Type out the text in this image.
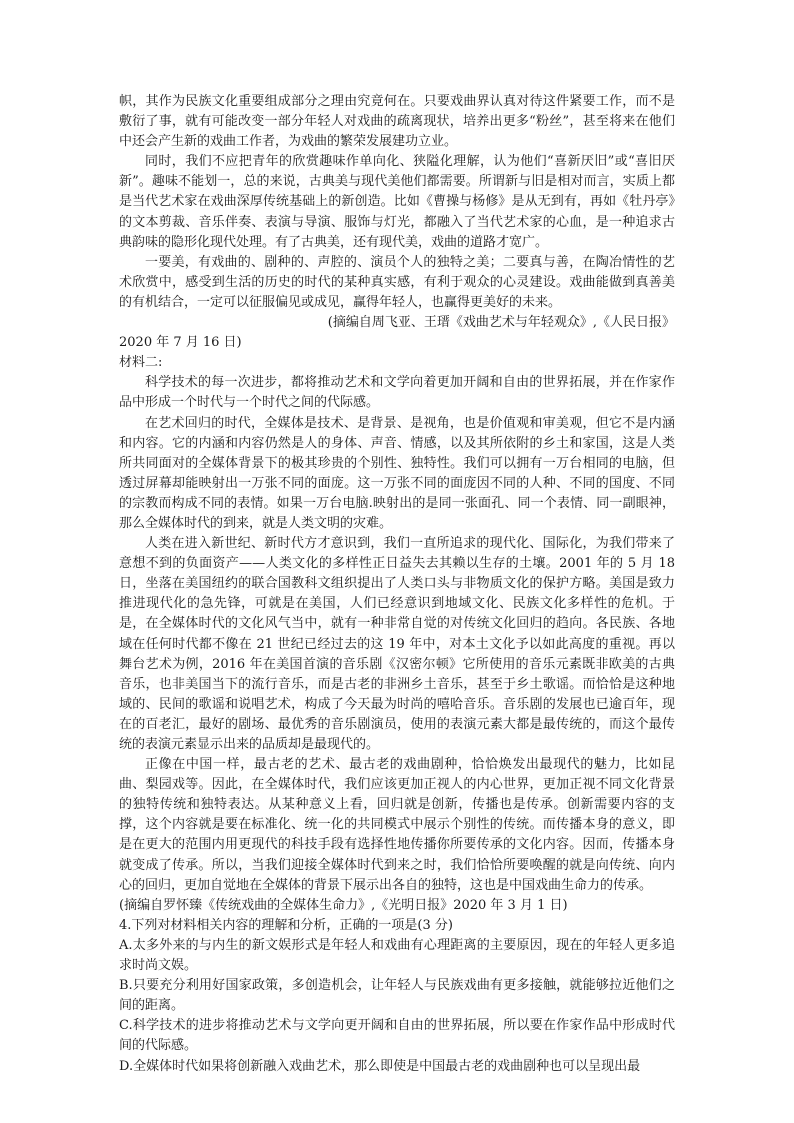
帜，其作为民族文化重要组成部分之理由究竟何在。只要戏曲界认真对待这件紧要工作，而不是敷衍了事，就有可能改变一部分年轻人对戏曲的疏离现状，培养出更多“粉丝”，甚至将来在他们中还会产生新的戏曲工作者，为戏曲的繁荣发展建功立业。

同时，我们不应把青年的欣赏趣味作单向化、狭隘化理解，认为他们“喜新厌旧”或“喜旧厌新”。趣味不能划一，总的来说，古典美与现代美他们都需要。所谓新与旧是相对而言，实质上都是当代艺术家在戏曲深厚传统基础上的新创造。比如《曹操与杨修》是从无到有，再如《牡丹亭》的文本剪裁、音乐伴奏、表演与导演、服饰与灯光，都融入了当代艺术家的心血，是一种追求古典韵味的隐形化现代处理。有了古典美，还有现代美，戏曲的道路才宽广。

一要美，有戏曲的、剧种的、声腔的、演员个人的独特之美；二要真与善，在陶冶情性的艺术欣赏中，感受到生活的历史的时代的某种真实感，有利于观众的心灵建设。戏曲能做到真善美的有机结合，一定可以征服偏见或成见，赢得年轻人，也赢得更美好的未来。

(摘编自周飞亚、王瑨《戏曲艺术与年轻观众》,《人民日报》

2020 年 7 月 16 日)

材料二:

科学技术的每一次进步，都将推动艺术和文学向着更加开阔和自由的世界拓展，并在作家作品中形成一个时代与一个时代之间的代际感。

在艺术回归的时代，全媒体是技术、是背景、是视角，也是价值观和审美观，但它不是内涵和内容。它的内涵和内容仍然是人的身体、声音、情感，以及其所依附的乡土和家国，这是人类所共同面对的全媒体背景下的极其珍贵的个别性、独特性。我们可以拥有一万台相同的电脑，但透过屏幕却能映射出一万张不同的面庞。这一万张不同的面庞因不同的人种、不同的国度、不同的宗教而构成不同的表情。如果一万台电脑.映射出的是同一张面孔、同一个表情、同一副眼神，那么全媒体时代的到来，就是人类文明的灾难。

人类在进入新世纪、新时代方才意识到，我们一直所追求的现代化、国际化，为我们带来了意想不到的负面资产——人类文化的多样性正日益失去其赖以生存的土壤。2001 年的 5 月 18 日，坐落在美国纽约的联合国教科文组织提出了人类口头与非物质文化的保护方略。美国是致力推进现代化的急先锋，可就是在美国，人们已经意识到地域文化、民族文化多样性的危机。于是，在全媒体时代的文化风气当中，就有一种非常自觉的对传统文化回归的趋向。各民族、各地域在任何时代都不像在 21 世纪已经过去的这 19 年中，对本土文化予以如此高度的重视。再以舞台艺术为例，2016 年在美国首演的音乐剧《汉密尔顿》它所使用的音乐元素既非欧美的古典音乐，也非美国当下的流行音乐，而是古老的非洲乡土音乐，甚至于乡土歌谣。而恰恰是这种地域的、民间的歌谣和说唱艺术，构成了今天最为时尚的嘻哈音乐。音乐剧的发展也已逾百年，现在的百老汇，最好的剧场、最优秀的音乐剧演员，使用的表演元素大都是最传统的，而这个最传统的表演元素显示出来的品质却是最现代的。

正像在中国一样，最古老的艺术、最古老的戏曲剧种，恰恰焕发出最现代的魅力，比如昆曲、梨园戏等。因此，在全媒体时代，我们应该更加正视人的内心世界，更加正视不同文化背景的独特传统和独特表达。从某种意义上看，回归就是创新，传播也是传承。创新需要内容的支撑，这个内容就是要在标准化、统一化的共同模式中展示个别性的传统。而传播本身的意义，即是在更大的范围内用更现代的科技手段有选择性地传播你所要传承的文化内容。因而，传播本身就变成了传承。所以，当我们迎接全媒体时代到来之时，我们恰恰所要唤醒的就是向传统、向内心的回归，更加自觉地在全媒体的背景下展示出各自的独特，这也是中国戏曲生命力的传承。

(摘编自罗怀臻《传统戏曲的全媒体生命力》,《光明日报》2020 年 3 月 1 日)

4.下列对材料相关内容的理解和分析，正确的一项是(3 分)

A.太多外来的与内生的新文娱形式是年轻人和戏曲有心理距离的主要原因，现在的年轻人更多追求时尚文娱。

B.只要充分利用好国家政策，多创造机会，让年轻人与民族戏曲有更多接触，就能够拉近他们之间的距离。

C.科学技术的进步将推动艺术与文学向更开阔和自由的世界拓展，所以要在作家作品中形成时代间的代际感。

D.全媒体时代如果将创新融入戏曲艺术，那么即使是中国最古老的戏曲剧种也可以呈现出最
